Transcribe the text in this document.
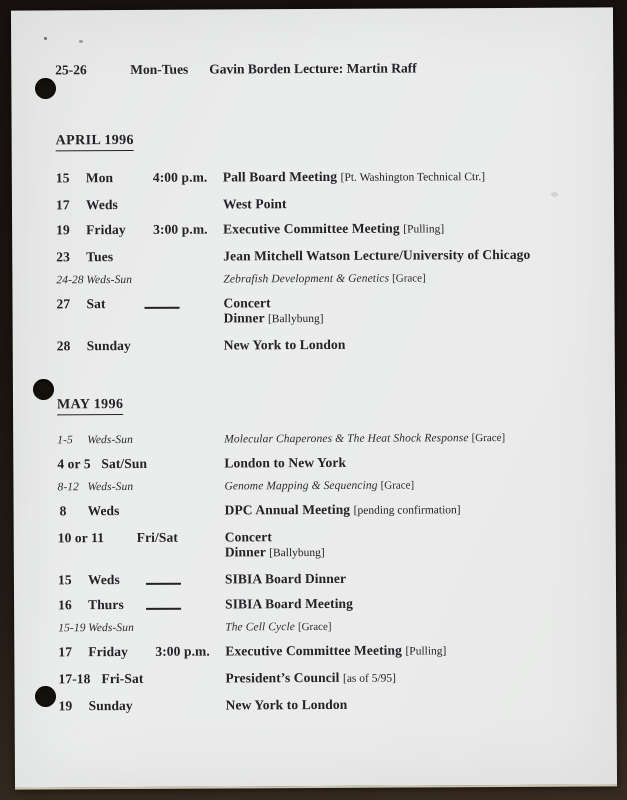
25-26	Mon-Tues Gavin Borden Lecture: Martin Raff
APRIL 1996
15 Mon	4:00 p.m. Pall Board Meeting [Pt. Washington Technical Ctr.]
17 Weds	West Point
19 Friday 3:00 p.m. Executive Committee Meeting [Pulling]
23 Tues	Jean Mitchell Watson Lecture/University of Chicago
24-28 Weds-Sun	Zebrafish Development & Genetics [Grace]
27 Sat	Concert
Dinner [Ballybung]
28 Sunday	New York to London
MAY 1996
1-5 Weds-Sun	Molecular Chaperones & The Heat Shock Response [Grace]
4 or 5 Sat/Sun	London to New York
8-12 Weds-Sun	Genome Mapping & Sequencing [Grace]
8 Weds	DPC Annual Meeting [pending confirmation]
10 or 11 Fri/Sat	Concert
Dinner [Ballybung]
15 Weds	SIBIA Board Dinner
16 Thurs	SIBIA Board Meeting
15-19 Weds-Sun	The Cell Cycle [Grace]
17 Friday 3:00 p.m. Executive Committee Meeting [Pulling]
17-18 Fri-Sat	President’s Council [as of 5/95]
19 Sunday	New York to London
